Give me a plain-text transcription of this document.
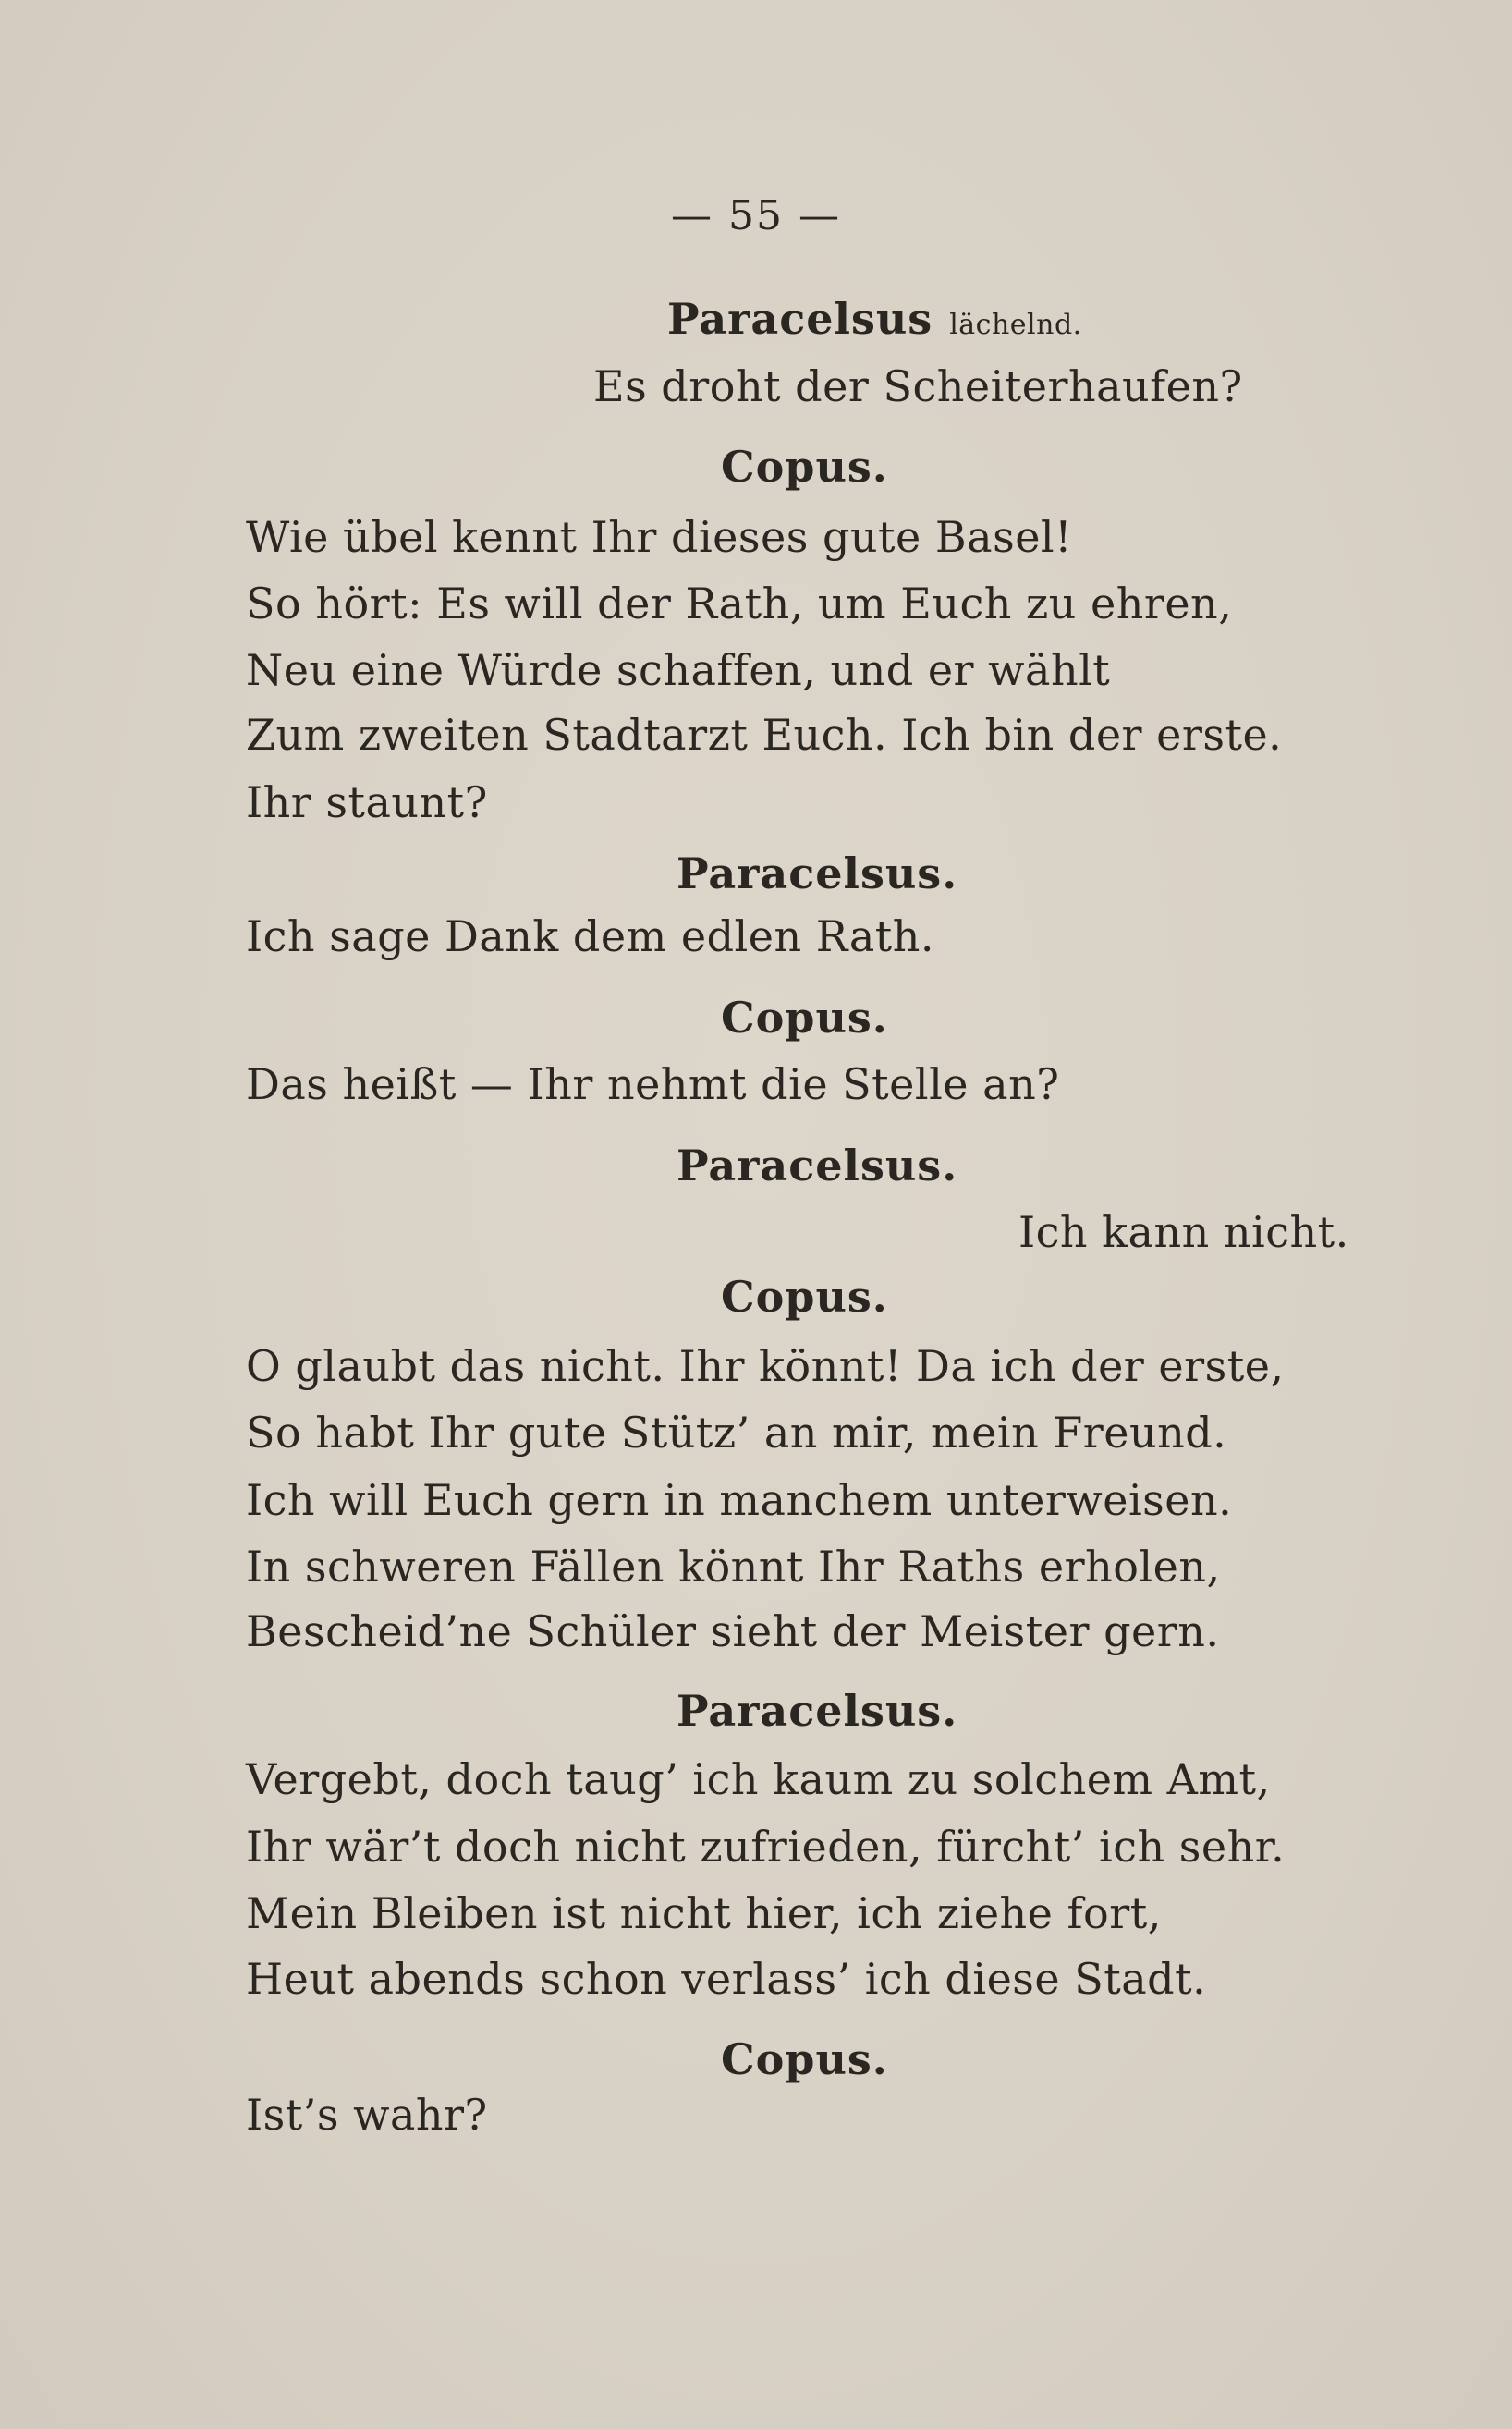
— 55 —
Paracelsus lächelnd.
Es droht der Scheiterhaufen?
Copus.
Wie übel kennt Ihr dieses gute Basel!
So hört: Es will der Rath, um Euch zu ehren,
Neu eine Würde schaffen, und er wählt
Zum zweiten Stadtarzt Euch. Ich bin der erste.
Ihr staunt?
Paracelsus.
Ich sage Dank dem edlen Rath.
Copus.
Das heißt — Ihr nehmt die Stelle an?
Paracelsus.
Ich kann nicht.
Copus.
O glaubt das nicht. Ihr könnt! Da ich der erste,
So habt Ihr gute Stütz’ an mir, mein Freund.
Ich will Euch gern in manchem unterweisen.
In schweren Fällen könnt Ihr Raths erholen,
Bescheid’ne Schüler sieht der Meister gern.
Paracelsus.
Vergebt, doch taug’ ich kaum zu solchem Amt,
Ihr wär’t doch nicht zufrieden, fürcht’ ich sehr.
Mein Bleiben ist nicht hier, ich ziehe fort,
Heut abends schon verlass’ ich diese Stadt.
Copus.
Ist’s wahr?
